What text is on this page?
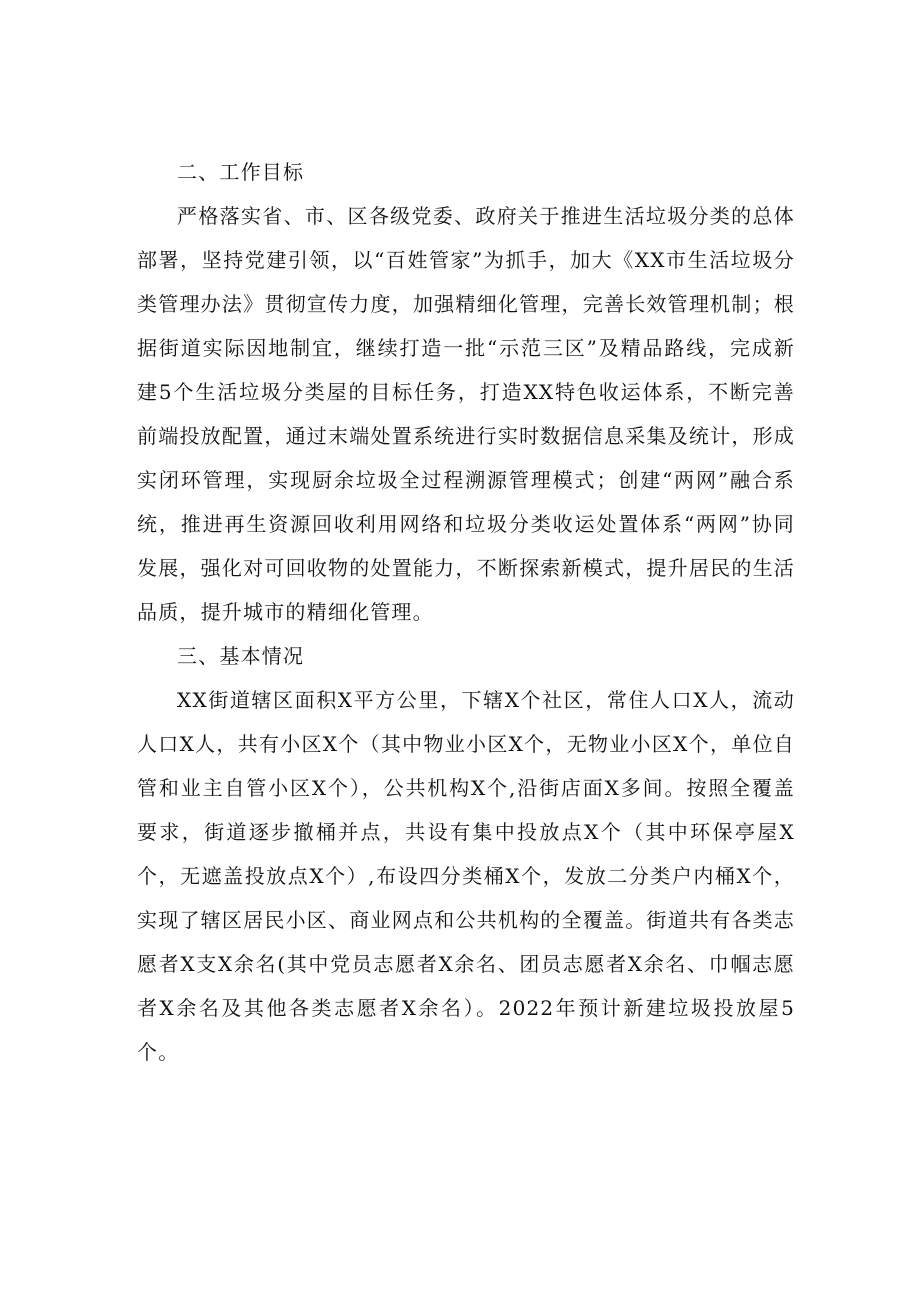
二、工作目标

严格落实省、市、区各级党委、政府关于推进生活垃圾分类的总体部署，坚持党建引领，以“百姓管家”为抓手，加大《XX市生活垃圾分类管理办法》贯彻宣传力度，加强精细化管理，完善长效管理机制；根据街道实际因地制宜，继续打造一批“示范三区”及精品路线，完成新建5个生活垃圾分类屋的目标任务，打造XX特色收运体系，不断完善前端投放配置，通过末端处置系统进行实时数据信息采集及统计，形成实闭环管理，实现厨余垃圾全过程溯源管理模式；创建“两网”融合系统，推进再生资源回收利用网络和垃圾分类收运处置体系“两网”协同发展，强化对可回收物的处置能力，不断探索新模式，提升居民的生活品质，提升城市的精细化管理。

三、基本情况

XX街道辖区面积X平方公里，下辖X个社区，常住人口X人，流动人口X人，共有小区X个（其中物业小区X个，无物业小区X个，单位自管和业主自管小区X个），公共机构X个,沿街店面X多间。按照全覆盖要求，街道逐步撤桶并点，共设有集中投放点X个（其中环保亭屋X个，无遮盖投放点X个）,布设四分类桶X个，发放二分类户内桶X个，实现了辖区居民小区、商业网点和公共机构的全覆盖。街道共有各类志愿者X支X余名(其中党员志愿者X余名、团员志愿者X余名、巾帼志愿者X余名及其他各类志愿者X余名）。2022年预计新建垃圾投放屋5个。
